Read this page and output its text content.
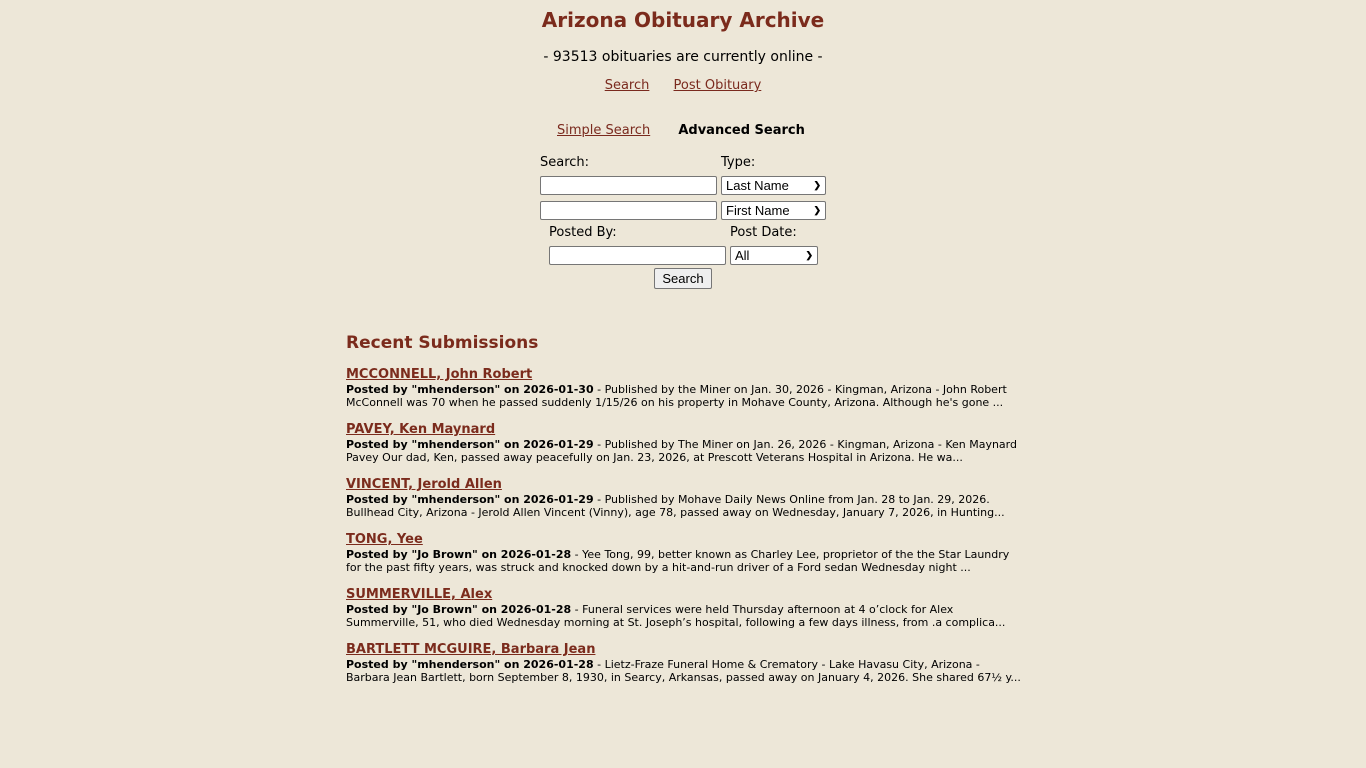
Arizona Obituary Archive
- 93513 obituaries are currently online -
Search Post Obituary
Simple Search Advanced Search
Search:	Type:
Last Name	❯
First Name	❯
Posted By:	Post Date:
All	❯
Search
Recent Submissions
MCCONNELL, John Robert
Posted by "mhenderson" on 2026-01-30 - Published by the Miner on Jan. 30, 2026 - Kingman, Arizona - John Robert McConnell was 70 when he passed suddenly 1/15/26 on his property in Mohave County, Arizona. Although he's gone ...
PAVEY, Ken Maynard
Posted by "mhenderson" on 2026-01-29 - Published by The Miner on Jan. 26, 2026 - Kingman, Arizona - Ken Maynard Pavey Our dad, Ken, passed away peacefully on Jan. 23, 2026, at Prescott Veterans Hospital in Arizona. He wa...
VINCENT, Jerold Allen
Posted by "mhenderson" on 2026-01-29 - Published by Mohave Daily News Online from Jan. 28 to Jan. 29, 2026. Bullhead City, Arizona - Jerold Allen Vincent (Vinny), age 78, passed away on Wednesday, January 7, 2026, in Hunting...
TONG, Yee
Posted by "Jo Brown" on 2026-01-28 - Yee Tong, 99, better known as Charley Lee, proprietor of the the Star Laundry for the past fifty years, was struck and knocked down by a hit-and-run driver of a Ford sedan Wednesday night ...
SUMMERVILLE, Alex
Posted by "Jo Brown" on 2026-01-28 - Funeral services were held Thursday afternoon at 4 o’clock for Alex Summerville, 51, who died Wednesday morning at St. Joseph’s hospital, following a few days illness, from .a complica...
BARTLETT MCGUIRE, Barbara Jean
Posted by "mhenderson" on 2026-01-28 - Lietz-Fraze Funeral Home & Crematory - Lake Havasu City, Arizona - Barbara Jean Bartlett, born September 8, 1930, in Searcy, Arkansas, passed away on January 4, 2026. She shared 67½ y...
